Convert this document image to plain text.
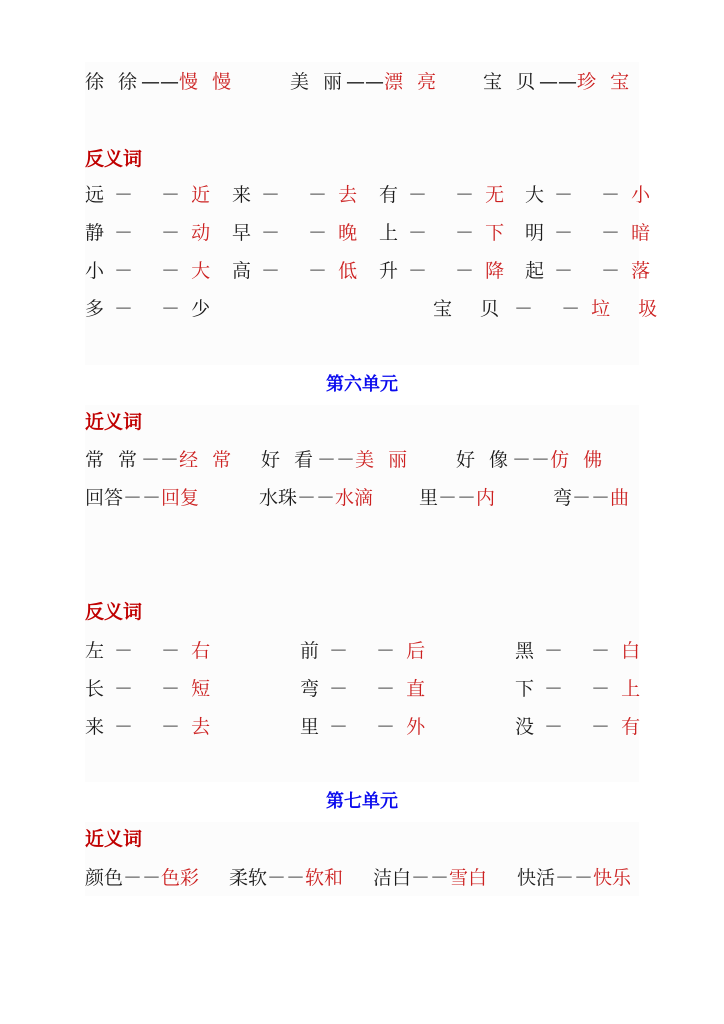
徐 徐——慢 慢	美 丽——漂 亮 宝 贝——珍 宝
反义词
远 － －近 来 － －去 有 － －无 大 － －小
静 － －动 早 － －晚 上 － －下 明 － －暗
小 － －大 高 － －低 升 － －降 起 － －落
多 － －少	宝 贝 － －垃 圾
第六单元
近义词
常 常－－经 常 好 看－－美 丽 好 像－－仿 佛
回答－－回复	水珠－－水滴 里－－内	弯－－曲
反义词
左 － －右	前 － －后	黑 － －白
长 － －短	弯 － －直	下 － －上
来 － －去	里 － －外	没 － －有
第七单元
近义词
颜色－－色彩 柔软－－软和 洁白－－雪白 快活－－快乐
